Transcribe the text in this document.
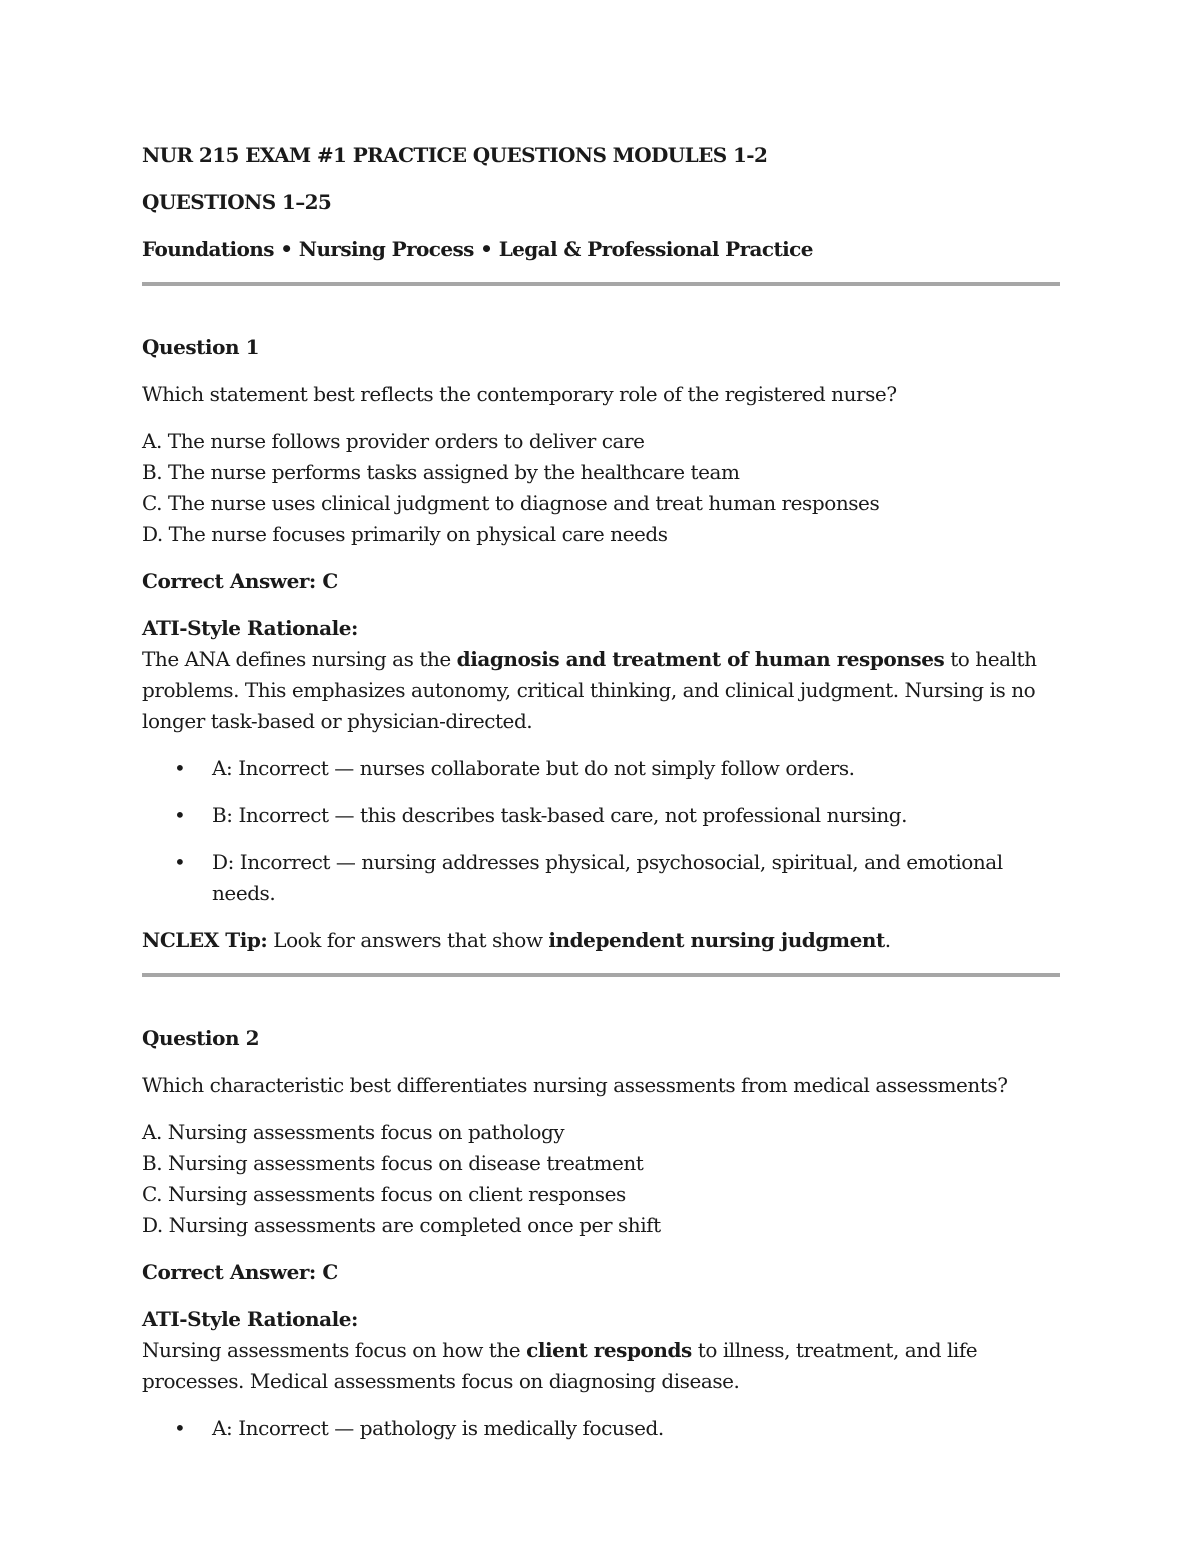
NUR 215 EXAM #1 PRACTICE QUESTIONS MODULES 1-2

QUESTIONS 1–25

Foundations • Nursing Process • Legal & Professional Practice

Question 1

Which statement best reflects the contemporary role of the registered nurse?

A. The nurse follows provider orders to deliver care

B. The nurse performs tasks assigned by the healthcare team

C. The nurse uses clinical judgment to diagnose and treat human responses

D. The nurse focuses primarily on physical care needs

Correct Answer: C

ATI-Style Rationale:

The ANA defines nursing as the diagnosis and treatment of human responses to health problems. This emphasizes autonomy, critical thinking, and clinical judgment. Nursing is no longer task-based or physician-directed.

• A: Incorrect — nurses collaborate but do not simply follow orders.
• B: Incorrect — this describes task-based care, not professional nursing.
• D: Incorrect — nursing addresses physical, psychosocial, spiritual, and emotional needs.

NCLEX Tip: Look for answers that show independent nursing judgment.

Question 2

Which characteristic best differentiates nursing assessments from medical assessments?

A. Nursing assessments focus on pathology

B. Nursing assessments focus on disease treatment

C. Nursing assessments focus on client responses

D. Nursing assessments are completed once per shift

Correct Answer: C

ATI-Style Rationale:

Nursing assessments focus on how the client responds to illness, treatment, and life processes. Medical assessments focus on diagnosing disease.

• A: Incorrect — pathology is medically focused.
